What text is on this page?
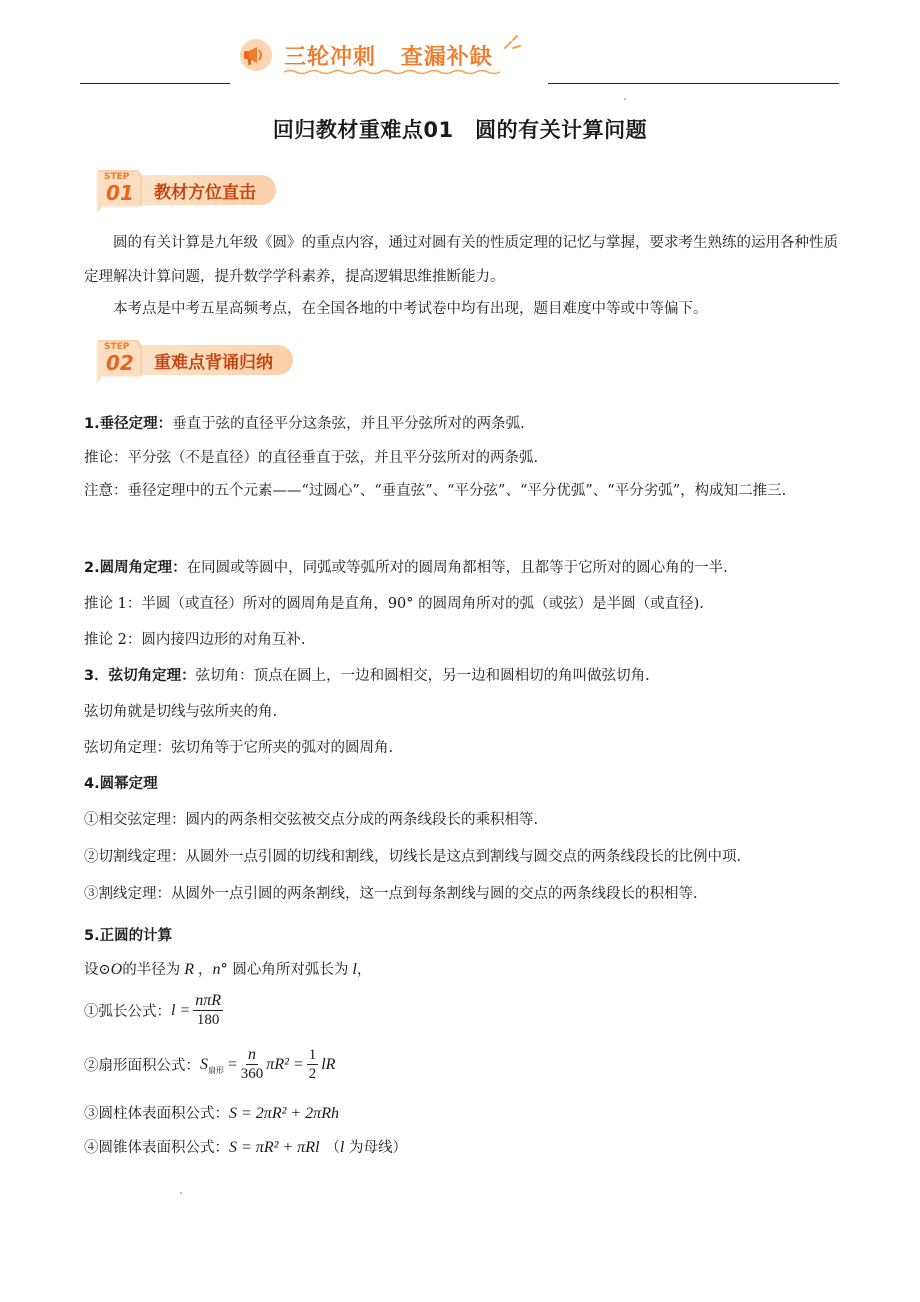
三轮冲刺 查漏补缺
回归教材重难点01　圆的有关计算问题
STEP
01	教材方位直击
圆的有关计算是九年级《圆》的重点内容，通过对圆有关的性质定理的记忆与掌握，要求考生熟练的运用各种性质定理解决计算问题，提升数学学科素养，提高逻辑思维推断能力。
本考点是中考五星高频考点，在全国各地的中考试卷中均有出现，题目难度中等或中等偏下。
STEP
02	重难点背诵归纳
1.垂径定理：垂直于弦的直径平分这条弦，并且平分弦所对的两条弧.
推论：平分弦（不是直径）的直径垂直于弦，并且平分弦所对的两条弧.
注意：垂径定理中的五个元素——“过圆心”、“垂直弦”、“平分弦”、“平分优弧”、“平分劣弧”，构成知二推三.
2.圆周角定理：在同圆或等圆中，同弧或等弧所对的圆周角都相等，且都等于它所对的圆心角的一半.
推论 1：半圆（或直径）所对的圆周角是直角，90° 的圆周角所对的弧（或弦）是半圆（或直径).
推论 2：圆内接四边形的对角互补.
3．弦切角定理：弦切角：顶点在圆上，一边和圆相交，另一边和圆相切的角叫做弦切角.
弦切角就是切线与弦所夹的角.
弦切角定理：弦切角等于它所夹的弧对的圆周角.
4.圆幂定理
①相交弦定理：圆内的两条相交弦被交点分成的两条线段长的乘积相等.
②切割线定理：从圆外一点引圆的切线和割线，切线长是这点到割线与圆交点的两条线段长的比例中项.
③割线定理：从圆外一点引圆的两条割线，这一点到每条割线与圆的交点的两条线段长的积相等.
5.正圆的计算
设⊙O的半径为 R ，n° 圆心角所对弧长为 l，
①弧长公式： $l = \frac{\text{nπR}}{180}$
②扇形面积公式： S 扇形 = $\frac{n}{360} \pi R^2 = \frac{1}{2}$ lR
③圆柱体表面积公式：S = 2πR² + 2πRh
④圆锥体表面积公式：S = πR² + πRl （l 为母线）
